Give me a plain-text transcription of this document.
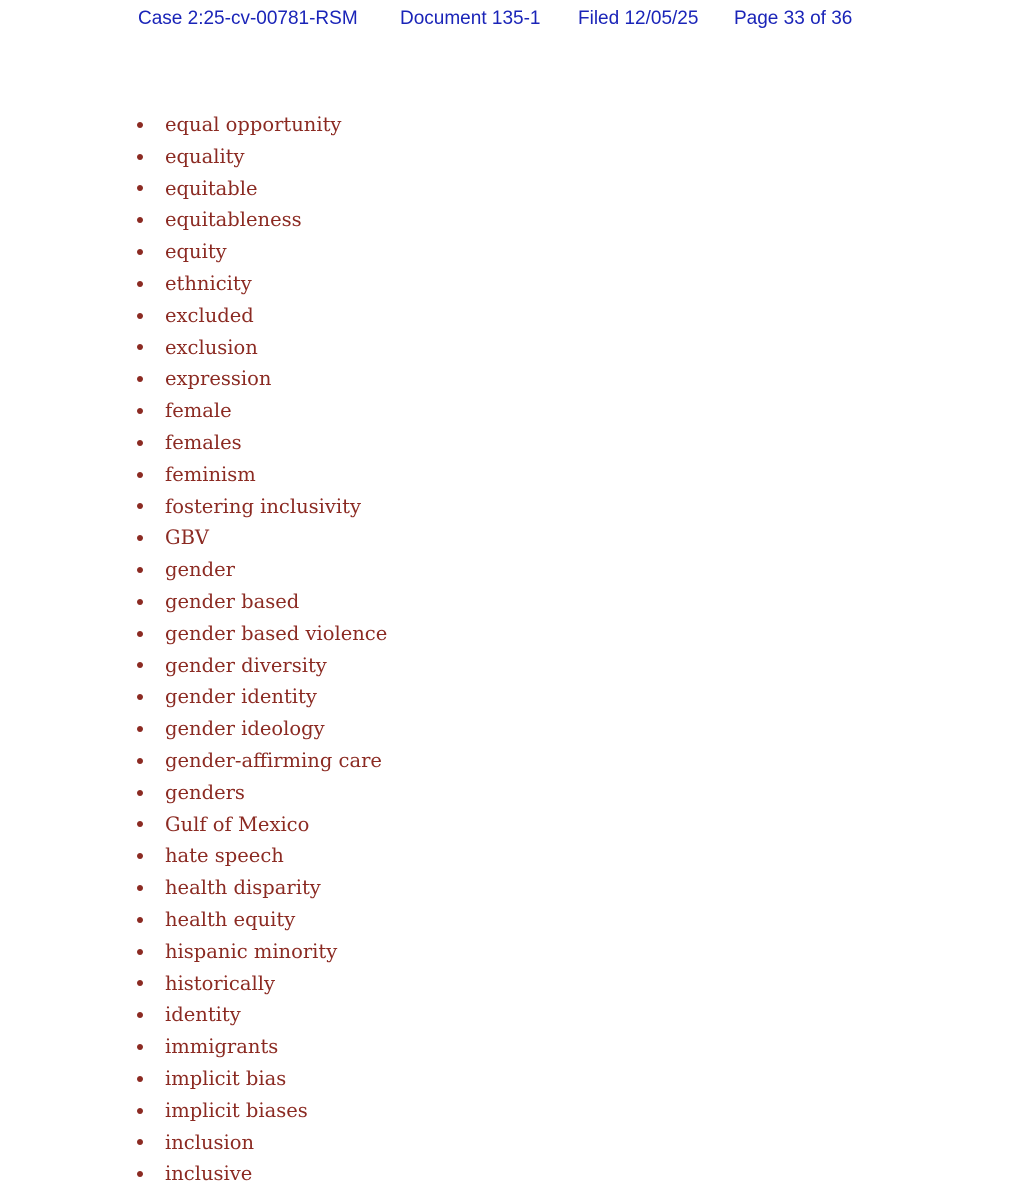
Case 2:25-cv-00781-RSM Document 135-1 Filed 12/05/25 Page 33 of 36
equal opportunity
equality
equitable
equitableness
equity
ethnicity
excluded
exclusion
expression
female
females
feminism
fostering inclusivity
GBV
gender
gender based
gender based violence
gender diversity
gender identity
gender ideology
gender-affirming care
genders
Gulf of Mexico
hate speech
health disparity
health equity
hispanic minority
historically
identity
immigrants
implicit bias
implicit biases
inclusion
inclusive
